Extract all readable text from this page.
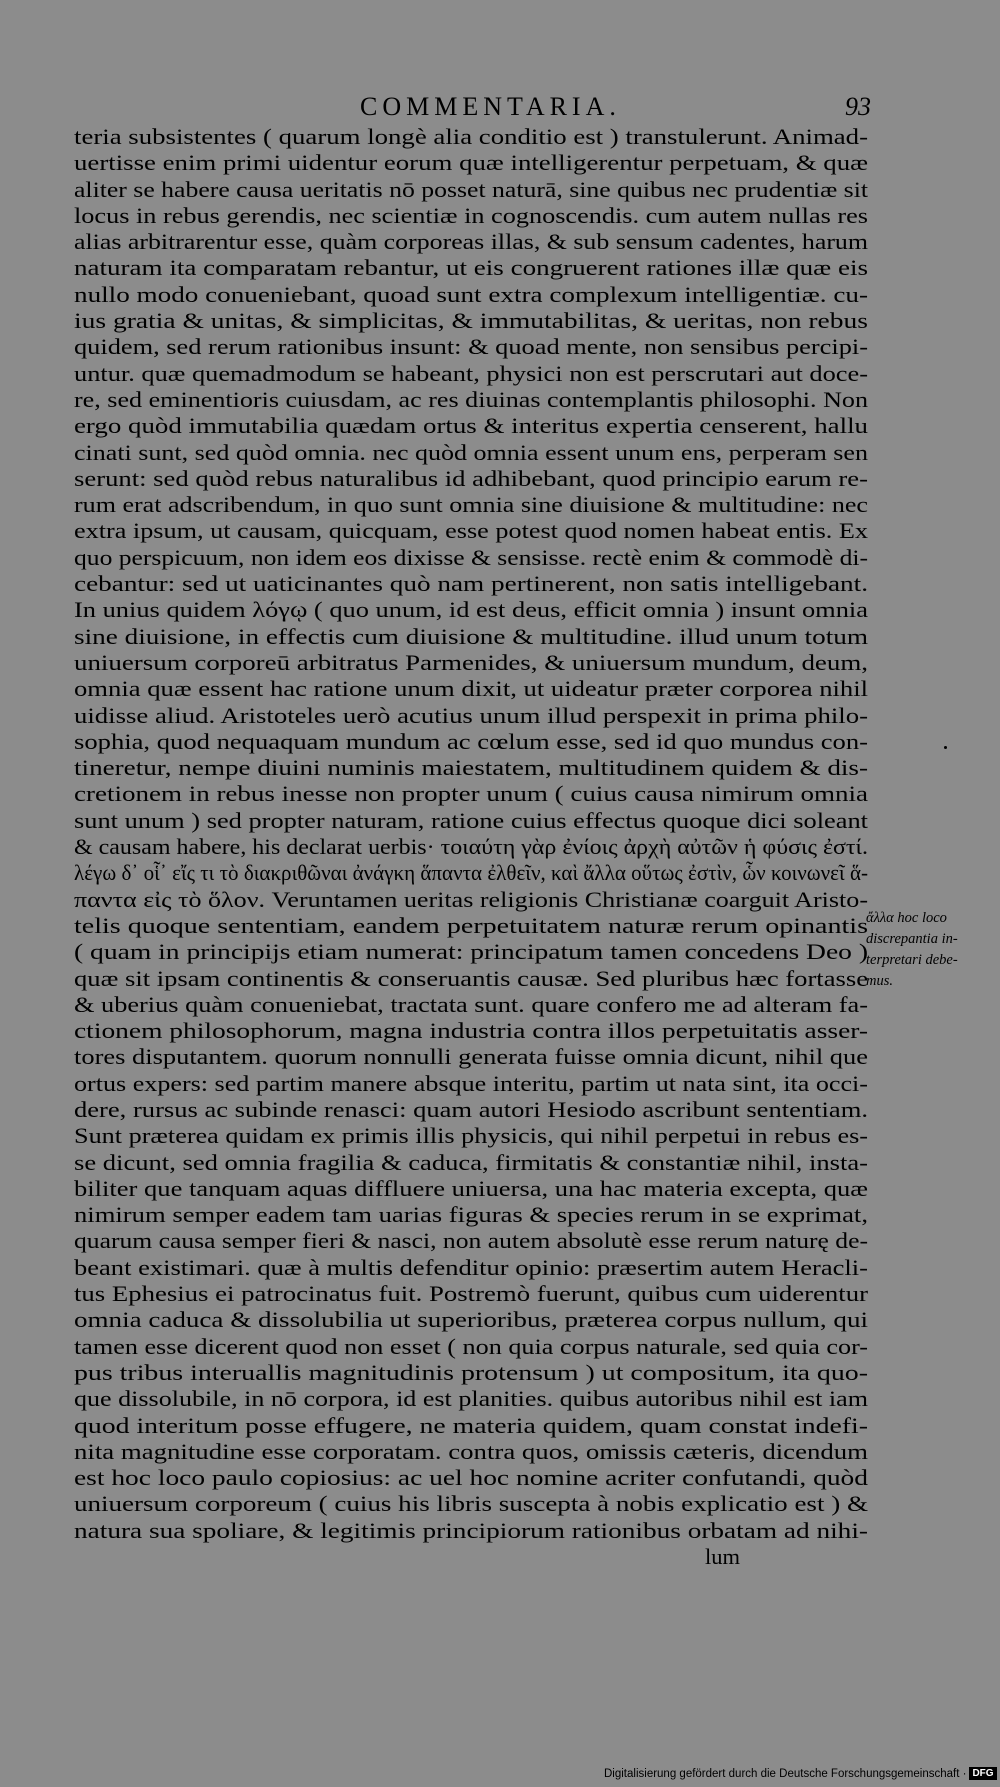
COMMENTARIA.	93
teria subsistentes ( quarum longè alia conditio est ) transtulerunt. Animad-
uertisse enim primi uidentur eorum quæ intelligerentur perpetuam, & quæ
aliter se habere causa ueritatis nō posset naturā, sine quibus nec prudentiæ sit
locus in rebus gerendis, nec scientiæ in cognoscendis. cum autem nullas res
alias arbitrarentur esse, quàm corporeas illas, & sub sensum cadentes, harum
naturam ita comparatam rebantur, ut eis congruerent rationes illæ quæ eis
nullo modo conueniebant, quoad sunt extra complexum intelligentiæ. cu-
ius gratia & unitas, & simplicitas, & immutabilitas, & ueritas, non rebus
quidem, sed rerum rationibus insunt: & quoad mente, non sensibus percipi-
untur. quæ quemadmodum se habeant, physici non est perscrutari aut doce-
re, sed eminentioris cuiusdam, ac res diuinas contemplantis philosophi. Non
ergo quòd immutabilia quædam ortus & interitus expertia censerent, hallu
cinati sunt, sed quòd omnia. nec quòd omnia essent unum ens, perperam sen
serunt: sed quòd rebus naturalibus id adhibebant, quod principio earum re-
rum erat adscribendum, in quo sunt omnia sine diuisione & multitudine: nec
extra ipsum, ut causam, quicquam, esse potest quod nomen habeat entis. Ex
quo perspicuum, non idem eos dixisse & sensisse. rectè enim & commodè di-
cebantur: sed ut uaticinantes quò nam pertinerent, non satis intelligebant.
In unius quidem λόγῳ ( quo unum, id est deus, efficit omnia ) insunt omnia
sine diuisione, in effectis cum diuisione & multitudine. illud unum totum
uniuersum corporeū arbitratus Parmenides, & uniuersum mundum, deum,
omnia quæ essent hac ratione unum dixit, ut uideatur præter corporea nihil
uidisse aliud. Aristoteles uerò acutius unum illud perspexit in prima philo-
sophia, quod nequaquam mundum ac cœlum esse, sed id quo mundus con-
tineretur, nempe diuini numinis maiestatem, multitudinem quidem & dis-
cretionem in rebus inesse non propter unum ( cuius causa nimirum omnia
sunt unum ) sed propter naturam, ratione cuius effectus quoque dici soleant
& causam habere, his declarat uerbis· τοιαύτη γὰρ ἐνίοις ἀρχὴ αὐτῶν ἡ φύσις ἐστί.
λέγω δ᾽ οἷ᾽ εἴς τι τὸ διακριθῶναι ἀνάγκη ἅπαντα ἐλθεῖν, καὶ ἄλλα οὕτως ἐστὶν, ὧν κοινωνεῖ ἅ-
παντα εἰς τὸ ὅλον. Veruntamen ueritas religionis Christianæ coarguit Aristo-
telis quoque sententiam, eandem perpetuitatem naturæ rerum opinantis
( quam in principijs etiam numerat: principatum tamen concedens Deo )
quæ sit ipsam continentis & conseruantis causæ. Sed pluribus hæc fortasse
& uberius quàm conueniebat, tractata sunt. quare confero me ad alteram fa-
ctionem philosophorum, magna industria contra illos perpetuitatis asser-
tores disputantem. quorum nonnulli generata fuisse omnia dicunt, nihil que
ortus expers: sed partim manere absque interitu, partim ut nata sint, ita occi-
dere, rursus ac subinde renasci: quam autori Hesiodo ascribunt sententiam.
Sunt præterea quidam ex primis illis physicis, qui nihil perpetui in rebus es-
se dicunt, sed omnia fragilia & caduca, firmitatis & constantiæ nihil, insta-
biliter que tanquam aquas diffluere uniuersa, una hac materia excepta, quæ
nimirum semper eadem tam uarias figuras & species rerum in se exprimat,
quarum causa semper fieri & nasci, non autem absolutè esse rerum naturę de-
beant existimari. quæ à multis defenditur opinio: præsertim autem Heracli-
tus Ephesius ei patrocinatus fuit. Postremò fuerunt, quibus cum uiderentur
omnia caduca & dissolubilia ut superioribus, præterea corpus nullum, qui
tamen esse dicerent quod non esset ( non quia corpus naturale, sed quia cor-
pus tribus interuallis magnitudinis protensum ) ut compositum, ita quo-
que dissolubile, in nō corpora, id est planities. quibus autoribus nihil est iam
quod interitum posse effugere, ne materia quidem, quam constat indefi-
nita magnitudine esse corporatam. contra quos, omissis cæteris, dicendum
est hoc loco paulo copiosius: ac uel hoc nomine acriter confutandi, quòd
uniuersum corporeum ( cuius his libris suscepta à nobis explicatio est ) &
natura sua spoliare, & legitimis principiorum rationibus orbatam ad nihi-
lum
ἄλλα hoc loco
discrepantia in-
terpretari debe-
mus.
Digitalisierung gefördert durch die Deutsche Forschungsgemeinschaft · DFG
